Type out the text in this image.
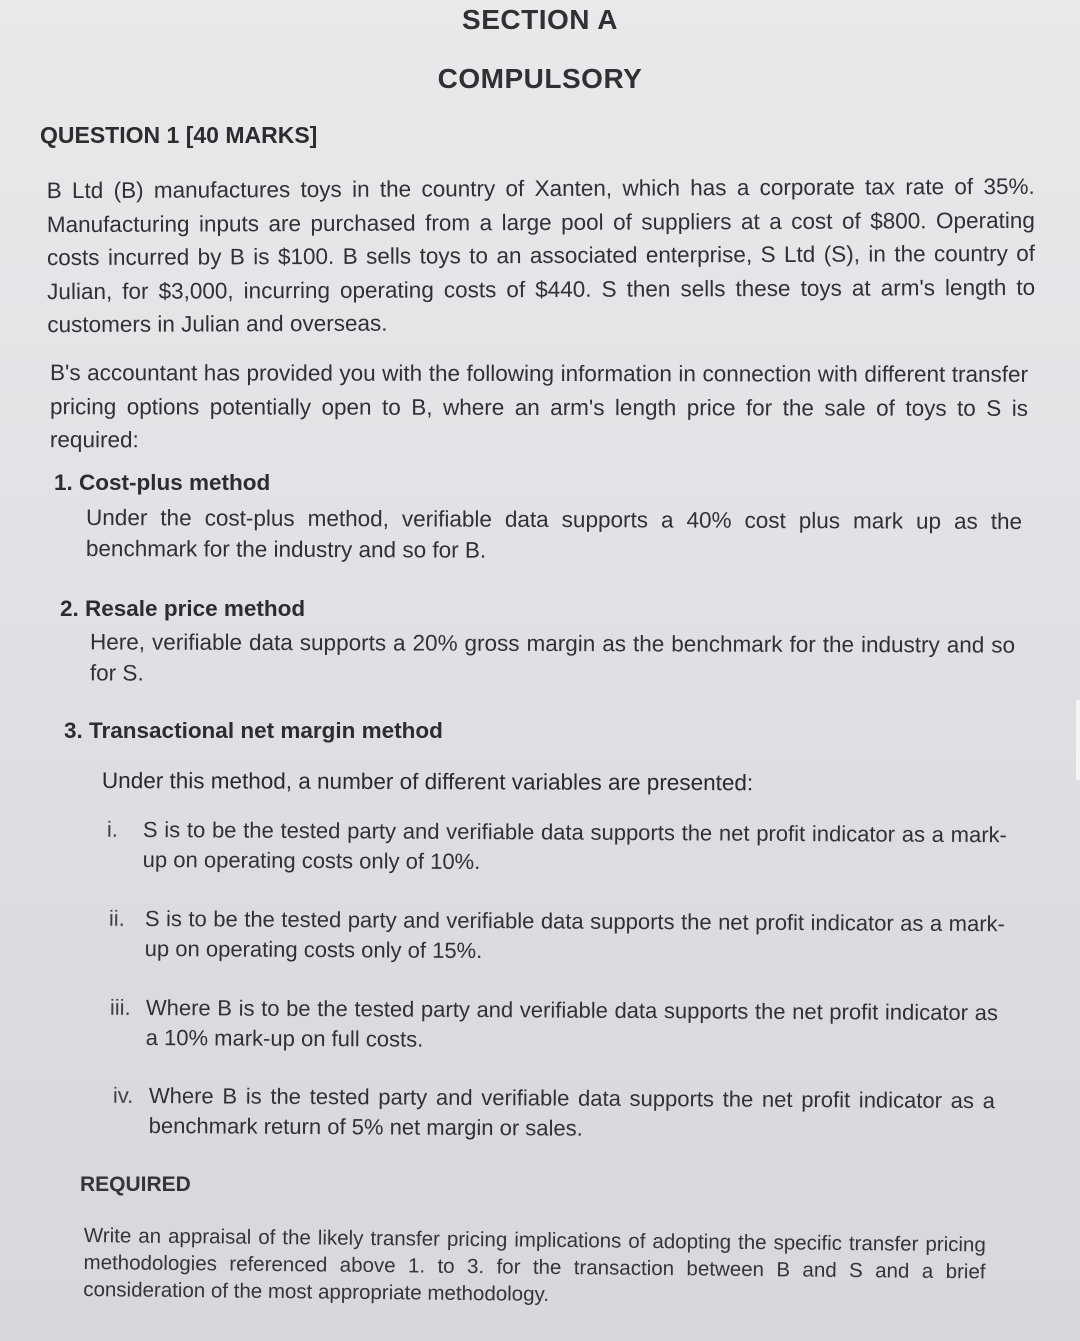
SECTION A
COMPULSORY
QUESTION 1 [40 MARKS]
B Ltd (B) manufactures toys in the country of Xanten, which has a corporate tax rate of 35%. Manufacturing inputs are purchased from a large pool of suppliers at a cost of $800. Operating costs incurred by B is $100. B sells toys to an associated enterprise, S Ltd (S), in the country of Julian, for $3,000, incurring operating costs of $440. S then sells these toys at arm's length to customers in Julian and overseas.
B's accountant has provided you with the following information in connection with different transfer pricing options potentially open to B, where an arm's length price for the sale of toys to S is required:
1. Cost-plus method
Under the cost-plus method, verifiable data supports a 40% cost plus mark up as the benchmark for the industry and so for B.
2. Resale price method
Here, verifiable data supports a 20% gross margin as the benchmark for the industry and so for S.
3. Transactional net margin method
Under this method, a number of different variables are presented:
i. S is to be the tested party and verifiable data supports the net profit indicator as a mark-up on operating costs only of 10%.
ii. S is to be the tested party and verifiable data supports the net profit indicator as a mark-up on operating costs only of 15%.
iii. Where B is to be the tested party and verifiable data supports the net profit indicator as a 10% mark-up on full costs.
iv. Where B is the tested party and verifiable data supports the net profit indicator as a benchmark return of 5% net margin or sales.
REQUIRED
Write an appraisal of the likely transfer pricing implications of adopting the specific transfer pricing methodologies referenced above 1. to 3. for the transaction between B and S and a brief consideration of the most appropriate methodology.
